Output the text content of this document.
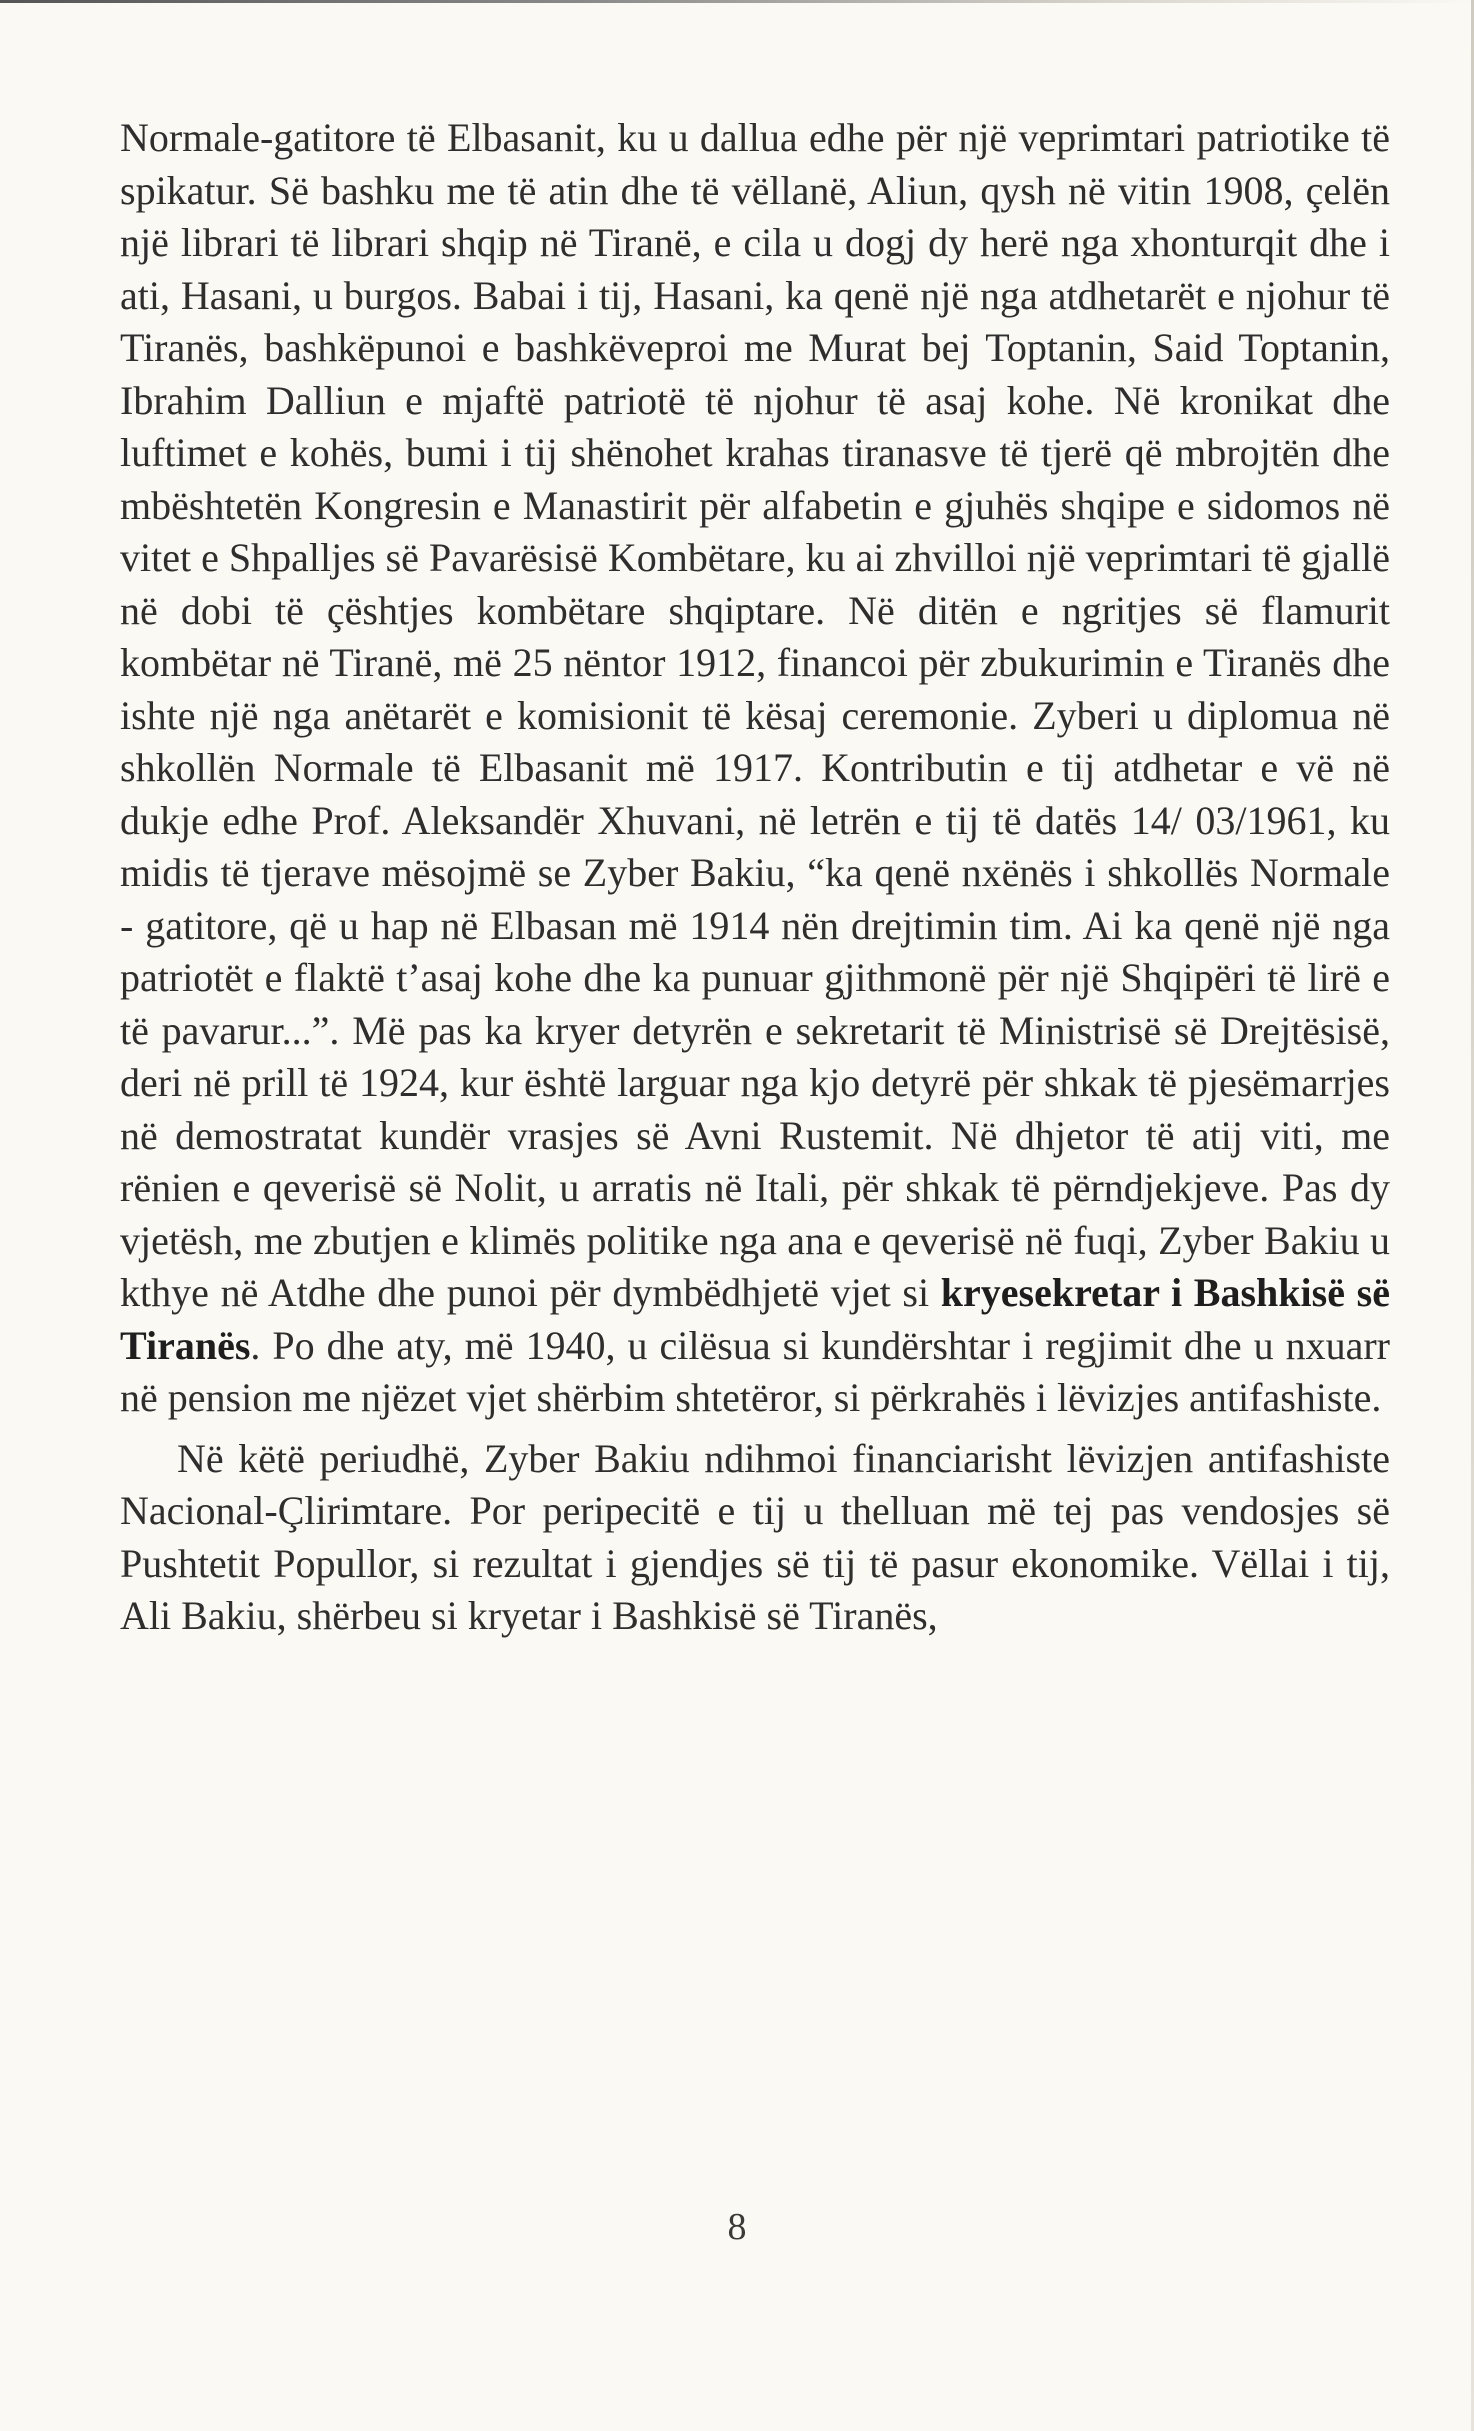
Normale-gatitore të Elbasanit, ku u dallua edhe për një veprimtari patriotike të spikatur. Së bashku me të atin dhe të vëllanë, Aliun, qysh në vitin 1908, çelën një librari të librari shqip në Tiranë, e cila u dogj dy herë nga xhonturqit dhe i ati, Hasani, u burgos. Babai i tij, Hasani, ka qenë një nga atdhetarët e njohur të Tiranës, bashkëpunoi e bashkëveproi me Murat bej Toptanin, Said Toptanin, Ibrahim Dalliun e mjaftë patriotë të njohur të asaj kohe. Në kronikat dhe luftimet e kohës, bumi i tij shënohet krahas tiranasve të tjerë që mbrojtën dhe mbështetën Kongresin e Manastirit për alfabetin e gjuhës shqipe e sidomos në vitet e Shpalljes së Pavarësisë Kombëtare, ku ai zhvilloi një veprimtari të gjallë në dobi të çështjes kombëtare shqiptare. Në ditën e ngritjes së flamurit kombëtar në Tiranë, më 25 nëntor 1912, financoi për zbukurimin e Tiranës dhe ishte një nga anëtarët e komisionit të kësaj ceremonie. Zyberi u diplomua në shkollën Normale të Elbasanit më 1917. Kontributin e tij atdhetar e vë në dukje edhe Prof. Aleksandër Xhuvani, në letrën e tij të datës 14/ 03/1961, ku midis të tjerave mësojmë se Zyber Bakiu, “ka qenë nxënës i shkollës Normale - gatitore, që u hap në Elbasan më 1914 nën drejtimin tim. Ai ka qenë një nga patriotët e flaktë t’asaj kohe dhe ka punuar gjithmonë për një Shqipëri të lirë e të pavarur...”. Më pas ka kryer detyrën e sekretarit të Ministrisë së Drejtësisë, deri në prill të 1924, kur është larguar nga kjo detyrë për shkak të pjesëmarrjes në demostratat kundër vrasjes së Avni Rustemit. Në dhjetor të atij viti, me rënien e qeverisë së Nolit, u arratis në Itali, për shkak të përndjekjeve. Pas dy vjetësh, me zbutjen e klimës politike nga ana e qeverisë në fuqi, Zyber Bakiu u kthye në Atdhe dhe punoi për dymbëdhjetë vjet si kryesekretar i Bashkisë së Tiranës. Po dhe aty, më 1940, u cilësua si kundërshtar i regjimit dhe u nxuarr në pension me njëzet vjet shërbim shtetëror, si përkrahës i lëvizjes antifashiste.

Në këtë periudhë, Zyber Bakiu ndihmoi financiarisht lëvizjen antifashiste Nacional-Çlirimtare. Por peripecitë e tij u thelluan më tej pas vendosjes së Pushtetit Popullor, si rezultat i gjendjes së tij të pasur ekonomike. Vëllai i tij, Ali Bakiu, shërbeu si kryetar i Bashkisë së Tiranës,

8
